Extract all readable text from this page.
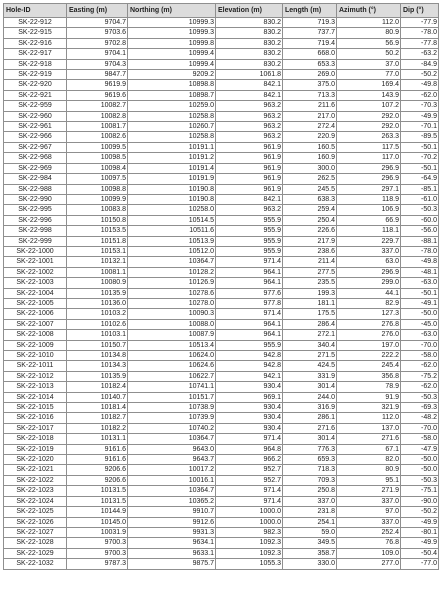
Hole-ID	Easting (m)	Northing (m)	Elevation (m)	Length (m)	Azimuth (°)	Dip (°)
SK-22-912	9704.7	10999.3	830.2	719.3	112.0	-77.9
SK-22-915	9703.6	10999.3	830.2	737.7	80.9	-78.0
SK-22-916	9702.8	10999.8	830.2	719.4	56.9	-77.8
SK-22-917	9704.1	10999.4	830.2	668.0	50.2	-63.2
SK-22-918	9704.3	10999.4	830.2	653.3	37.0	-84.9
SK-22-919	9847.7	9209.2	1061.8	269.0	77.0	-50.2
SK-22-920	9619.9	10898.8	842.1	375.0	169.4	-49.8
SK-22-921	9619.6	10898.7	842.1	713.3	143.9	-62.0
SK-22-959	10082.7	10259.0	963.2	211.6	107.2	-70.3
SK-22-960	10082.8	10258.8	963.2	217.0	292.0	-49.9
SK-22-961	10081.7	10260.7	963.2	272.4	292.0	-70.1
SK-22-966	10082.6	10258.8	963.2	220.9	263.3	-89.5
SK-22-967	10099.5	10191.1	961.9	160.5	117.5	-50.1
SK-22-968	10098.5	10191.2	961.9	160.9	117.0	-70.2
SK-22-969	10098.4	10191.4	961.9	300.0	296.9	-50.1
SK-22-984	10097.5	10191.9	961.9	262.5	296.9	-64.9
SK-22-988	10098.8	10190.8	961.9	245.5	297.1	-85.1
SK-22-990	10099.9	10190.8	842.1	638.3	118.9	-61.0
SK-22-995	10083.8	10258.0	963.2	259.4	106.9	-50.3
SK-22-996	10150.8	10514.5	955.9	250.4	66.9	-60.0
SK-22-998	10153.5	10511.6	955.9	226.6	118.1	-56.0
SK-22-999	10151.8	10513.9	955.9	217.9	229.7	-88.1
SK-22-1000	10153.1	10512.0	955.9	238.6	337.0	-78.0
SK-22-1001	10132.1	10364.7	971.4	211.4	63.0	-49.8
SK-22-1002	10081.1	10128.2	964.1	277.5	296.9	-48.1
SK-22-1003	10080.9	10126.9	964.1	235.5	299.0	-63.0
SK-22-1004	10135.9	10278.6	977.6	199.3	44.1	-50.1
SK-22-1005	10136.0	10278.0	977.8	181.1	82.9	-49.1
SK-22-1006	10103.2	10090.3	971.4	175.5	127.3	-50.0
SK-22-1007	10102.6	10088.0	964.1	286.4	276.8	-45.0
SK-22-1008	10103.1	10087.9	964.1	272.1	276.0	-63.0
SK-22-1009	10150.7	10513.4	955.9	340.4	197.0	-70.0
SK-22-1010	10134.8	10624.0	942.8	271.5	222.2	-58.0
SK-22-1011	10134.3	10624.6	942.8	424.5	245.4	-62.0
SK-22-1012	10135.9	10622.7	942.1	331.9	356.8	-75.2
SK-22-1013	10182.4	10741.1	930.4	301.4	78.9	-62.0
SK-22-1014	10140.7	10151.7	969.1	244.0	91.9	-50.3
SK-22-1015	10181.4	10738.9	930.4	316.9	321.9	-69.3
SK-22-1016	10182.7	10739.9	930.4	286.1	112.0	-48.2
SK-22-1017	10182.2	10740.2	930.4	271.6	137.0	-70.0
SK-22-1018	10131.1	10364.7	971.4	301.4	271.6	-58.0
SK-22-1019	9161.6	9643.0	964.8	776.3	67.1	-47.9
SK-22-1020	9161.6	9643.7	966.2	659.3	82.0	-50.0
SK-22-1021	9206.6	10017.2	952.7	718.3	80.9	-50.0
SK-22-1022	9206.6	10016.1	952.7	709.3	95.1	-50.3
SK-22-1023	10131.5	10364.7	971.4	250.8	271.9	-75.1
SK-22-1024	10131.5	10365.2	971.4	337.0	337.0	-90.0
SK-22-1025	10144.9	9910.7	1000.0	231.8	97.0	-50.2
SK-22-1026	10145.0	9912.6	1000.0	254.1	337.0	-49.9
SK-22-1027	10031.9	9931.3	982.3	59.0	252.4	-80.1
SK-22-1028	9700.3	9634.1	1092.3	349.5	76.8	-49.9
SK-22-1029	9700.3	9633.1	1092.3	358.7	109.0	-50.4
SK-22-1032	9787.3	9875.7	1055.3	330.0	277.0	-77.0
